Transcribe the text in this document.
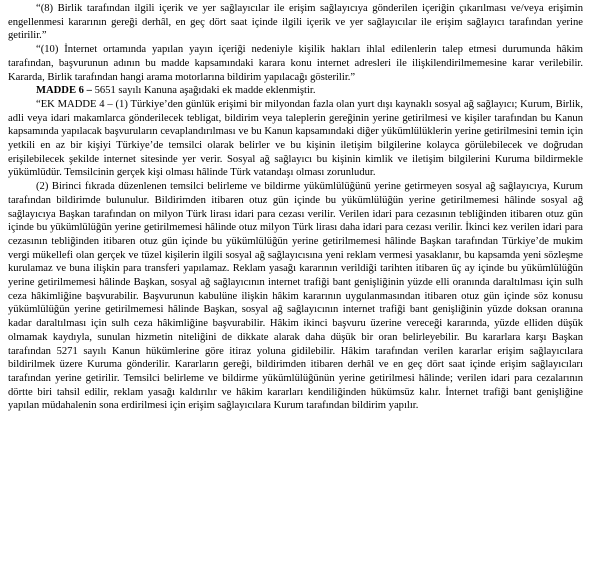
“(8) Birlik tarafından ilgili içerik ve yer sağlayıcılar ile erişim sağlayıcıya gönderilen içeriğin çıkarılması ve/veya erişimin engellenmesi kararının gereği derhâl, en geç dört saat içinde ilgili içerik ve yer sağlayıcılar ile erişim sağlayıcı tarafından yerine getirilir.”

“(10) İnternet ortamında yapılan yayın içeriği nedeniyle kişilik hakları ihlal edilenlerin talep etmesi durumunda hâkim tarafından, başvurunun adının bu madde kapsamındaki karara konu internet adresleri ile ilişkilendirilmemesine karar verilebilir. Kararda, Birlik tarafından hangi arama motorlarına bildirim yapılacağı gösterilir.”

MADDE 6 – 5651 sayılı Kanuna aşağıdaki ek madde eklenmiştir.

“EK MADDE 4 – (1) Türkiye’den günlük erişimi bir milyondan fazla olan yurt dışı kaynaklı sosyal ağ sağlayıcı; Kurum, Birlik, adli veya idari makamlarca gönderilecek tebligat, bildirim veya taleplerin gereğinin yerine getirilmesi ve kişiler tarafından bu Kanun kapsamında yapılacak başvuruların cevaplandırılması ve bu Kanun kapsamındaki diğer yükümlülüklerin yerine getirilmesini temin için yetkili en az bir kişiyi Türkiye’de temsilci olarak belirler ve bu kişinin iletişim bilgilerine kolayca görülebilecek ve doğrudan erişilebilecek şekilde internet sitesinde yer verir. Sosyal ağ sağlayıcı bu kişinin kimlik ve iletişim bilgilerini Kuruma bildirmekle yükümlüdür. Temsilcinin gerçek kişi olması hâlinde Türk vatandaşı olması zorunludur.

(2) Birinci fıkrada düzenlenen temsilci belirleme ve bildirme yükümlülüğünü yerine getirmeyen sosyal ağ sağlayıcıya, Kurum tarafından bildirimde bulunulur. Bildirimden itibaren otuz gün içinde bu yükümlülüğün yerine getirilmemesi hâlinde sosyal ağ sağlayıcıya Başkan tarafından on milyon Türk lirası idari para cezası verilir. Verilen idari para cezasının tebliğinden itibaren otuz gün içinde bu yükümlülüğün yerine getirilmemesi hâlinde otuz milyon Türk lirası daha idari para cezası verilir. İkinci kez verilen idari para cezasının tebliğinden itibaren otuz gün içinde bu yükümlülüğün yerine getirilmemesi hâlinde Başkan tarafından Türkiye’de mukim vergi mükellefi olan gerçek ve tüzel kişilerin ilgili sosyal ağ sağlayıcısına yeni reklam vermesi yasaklanır, bu kapsamda yeni sözleşme kurulamaz ve buna ilişkin para transferi yapılamaz. Reklam yasağı kararının verildiği tarihten itibaren üç ay içinde bu yükümlülüğün yerine getirilmemesi hâlinde Başkan, sosyal ağ sağlayıcının internet trafiği bant genişliğinin yüzde elli oranında daraltılması için sulh ceza hâkimliğine başvurabilir. Başvurunun kabulüne ilişkin hâkim kararının uygulanmasından itibaren otuz gün içinde söz konusu yükümlülüğün yerine getirilmemesi hâlinde Başkan, sosyal ağ sağlayıcının internet trafiği bant genişliğinin yüzde doksan oranına kadar daraltılması için sulh ceza hâkimliğine başvurabilir. Hâkim ikinci başvuru üzerine vereceği kararında, yüzde elliden düşük olmamak kaydıyla, sunulan hizmetin niteliğini de dikkate alarak daha düşük bir oran belirleyebilir. Bu kararlara karşı Başkan tarafından 5271 sayılı Kanun hükümlerine göre itiraz yoluna gidilebilir. Hâkim tarafından verilen kararlar erişim sağlayıcılara bildirilmek üzere Kuruma gönderilir. Kararların gereği, bildirimden itibaren derhâl ve en geç dört saat içinde erişim sağlayıcıları tarafından yerine getirilir. Temsilci belirleme ve bildirme yükümlülüğünün yerine getirilmesi hâlinde; verilen idari para cezalarının dörtte biri tahsil edilir, reklam yasağı kaldırılır ve hâkim kararları kendiliğinden hükümsüz kalır. İnternet trafiği bant genişliğine yapılan müdahalenin sona erdirilmesi için erişim sağlayıcılara Kurum tarafından bildirim yapılır.
